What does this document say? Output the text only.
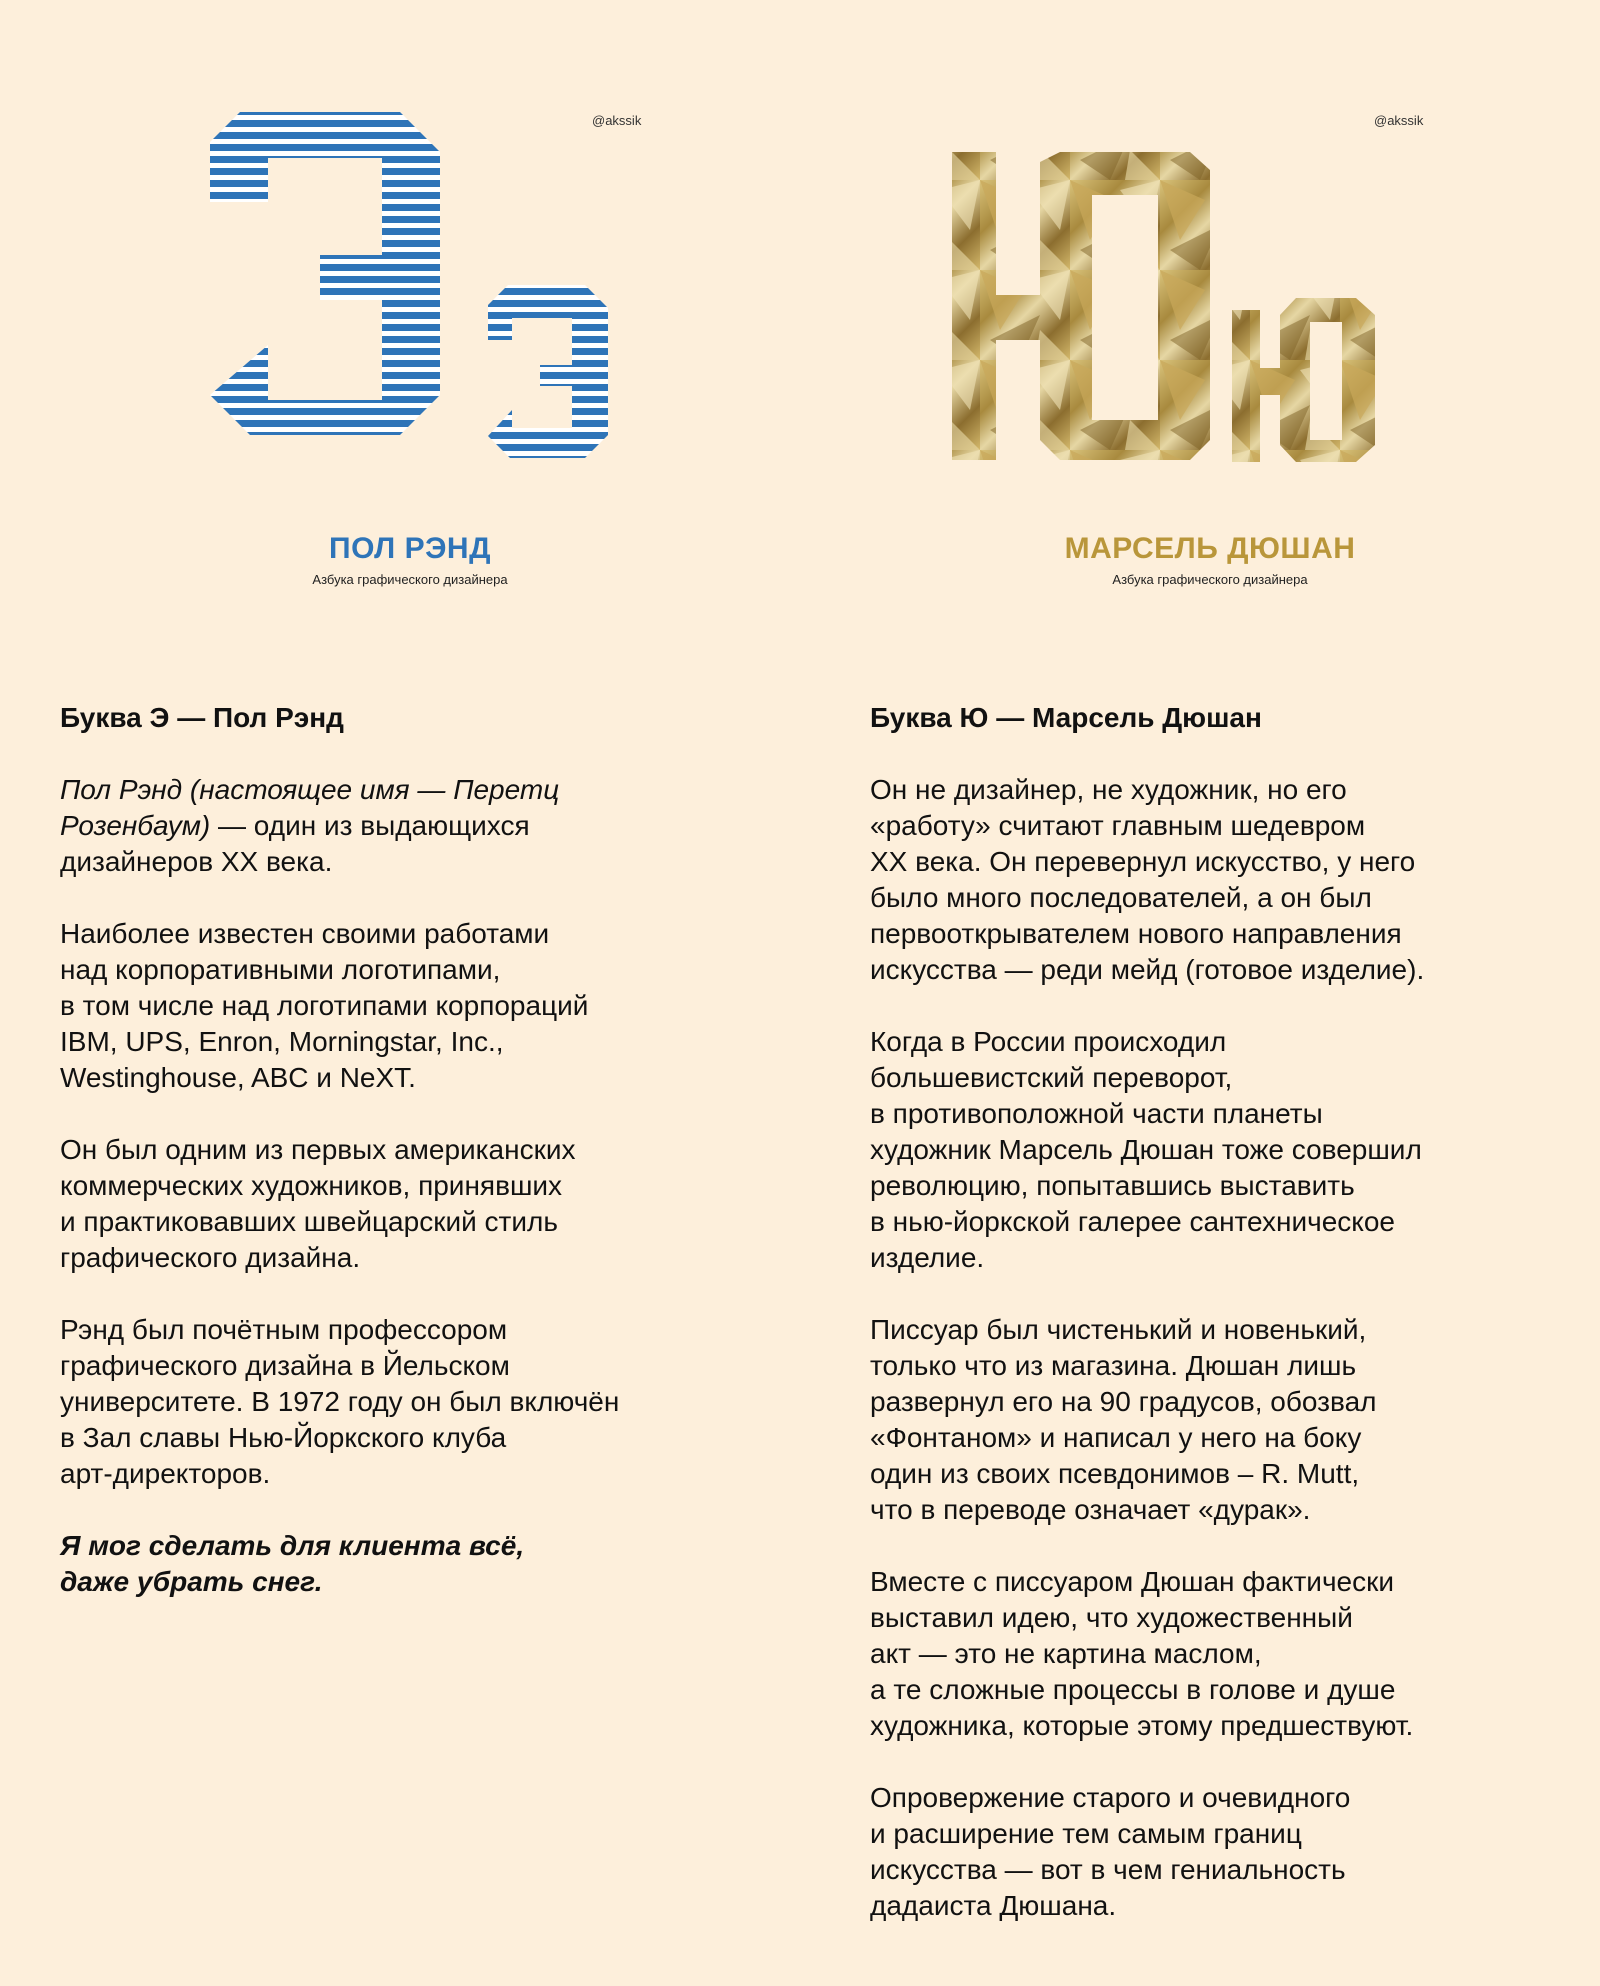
@akssik
ПОЛ РЭНД
Азбука графического дизайнера
@akssik
МАРСЕЛЬ ДЮШАН
Азбука графического дизайнера
Буква Э — Пол Рэнд

Пол Рэнд (настоящее имя — Перетц
Розенбаум) — один из выдающихся
дизайнеров XX века.

Наиболее известен своими работами
над корпоративными логотипами,
в том числе над логотипами корпораций
IBM, UPS, Enron, Morningstar, Inc.,
Westinghouse, ABC и NeXT.

Он был одним из первых американских
коммерческих художников, принявших
и практиковавших швейцарский стиль
графического дизайна.

Рэнд был почётным профессором
графического дизайна в Йельском
университете. В 1972 году он был включён
в Зал славы Нью-Йоркского клуба
арт-директоров.

Я мог сделать для клиента всё,
даже убрать снег.

Буква Ю — Марсель Дюшан

Он не дизайнер, не художник, но его
«работу» считают главным шедевром
XX века. Он перевернул искусство, у него
было много последователей, а он был
первооткрывателем нового направления
искусства — реди мейд (готовое изделие).

Когда в России происходил
большевистский переворот,
в противоположной части планеты
художник Марсель Дюшан тоже совершил
революцию, попытавшись выставить
в нью-йоркской галерее сантехническое
изделие.

Писсуар был чистенький и новенький,
только что из магазина. Дюшан лишь
развернул его на 90 градусов, обозвал
«Фонтаном» и написал у него на боку
один из своих псевдонимов – R. Mutt,
что в переводе означает «дурак».

Вместе с писсуаром Дюшан фактически
выставил идею, что художественный
акт — это не картина маслом,
а те сложные процессы в голове и душе
художника, которые этому предшествуют.

Опровержение старого и очевидного
и расширение тем самым границ
искусства — вот в чем гениальность
дадаиста Дюшана.
